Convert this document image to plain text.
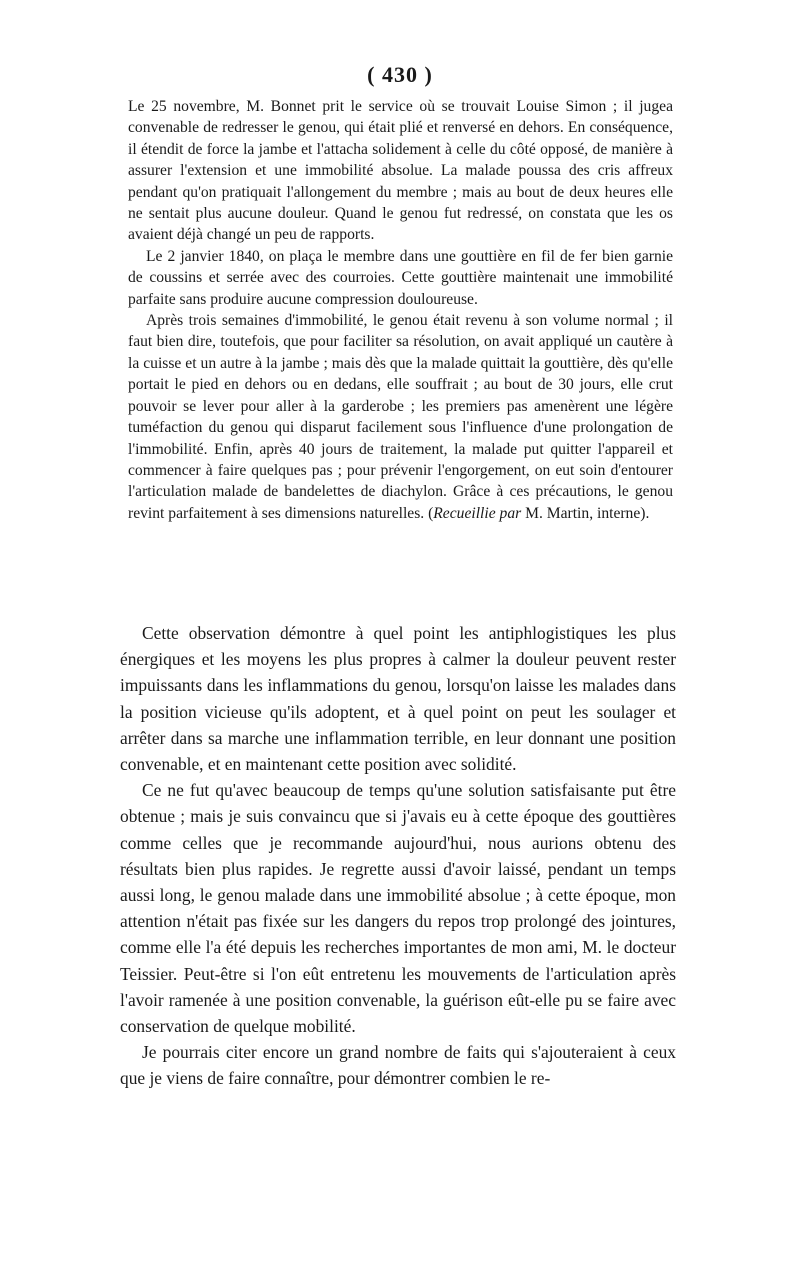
( 430 )

Le 25 novembre, M. Bonnet prit le service où se trouvait Louise Simon ; il jugea convenable de redresser le genou, qui était plié et renversé en dehors. En conséquence, il étendit de force la jambe et l'attacha solidement à celle du côté opposé, de manière à assurer l'extension et une immobilité absolue. La malade poussa des cris affreux pendant qu'on pratiquait l'allongement du membre ; mais au bout de deux heures elle ne sentait plus aucune douleur. Quand le genou fut redressé, on constata que les os avaient déjà changé un peu de rapports.

Le 2 janvier 1840, on plaça le membre dans une gouttière en fil de fer bien garnie de coussins et serrée avec des courroies. Cette gouttière maintenait une immobilité parfaite sans produire aucune compression douloureuse.

Après trois semaines d'immobilité, le genou était revenu à son volume normal ; il faut bien dire, toutefois, que pour faciliter sa résolution, on avait appliqué un cautère à la cuisse et un autre à la jambe ; mais dès que la malade quittait la gouttière, dès qu'elle portait le pied en dehors ou en dedans, elle souffrait ; au bout de 30 jours, elle crut pouvoir se lever pour aller à la garderobe ; les premiers pas amenèrent une légère tuméfaction du genou qui disparut facilement sous l'influence d'une prolongation de l'immobilité. Enfin, après 40 jours de traitement, la malade put quitter l'appareil et commencer à faire quelques pas ; pour prévenir l'engorgement, on eut soin d'entourer l'articulation malade de bandelettes de diachylon. Grâce à ces précautions, le genou revint parfaitement à ses dimensions naturelles. (Recueillie par M. Martin, interne).

Cette observation démontre à quel point les antiphlogistiques les plus énergiques et les moyens les plus propres à calmer la douleur peuvent rester impuissants dans les inflammations du genou, lorsqu'on laisse les malades dans la position vicieuse qu'ils adoptent, et à quel point on peut les soulager et arrêter dans sa marche une inflammation terrible, en leur donnant une position convenable, et en maintenant cette position avec solidité.

Ce ne fut qu'avec beaucoup de temps qu'une solution satisfaisante put être obtenue ; mais je suis convaincu que si j'avais eu à cette époque des gouttières comme celles que je recommande aujourd'hui, nous aurions obtenu des résultats bien plus rapides. Je regrette aussi d'avoir laissé, pendant un temps aussi long, le genou malade dans une immobilité absolue ; à cette époque, mon attention n'était pas fixée sur les dangers du repos trop prolongé des jointures, comme elle l'a été depuis les recherches importantes de mon ami, M. le docteur Teissier. Peut-être si l'on eût entretenu les mouvements de l'articulation après l'avoir ramenée à une position convenable, la guérison eût-elle pu se faire avec conservation de quelque mobilité.

Je pourrais citer encore un grand nombre de faits qui s'ajouteraient à ceux que je viens de faire connaître, pour démontrer combien le re-
